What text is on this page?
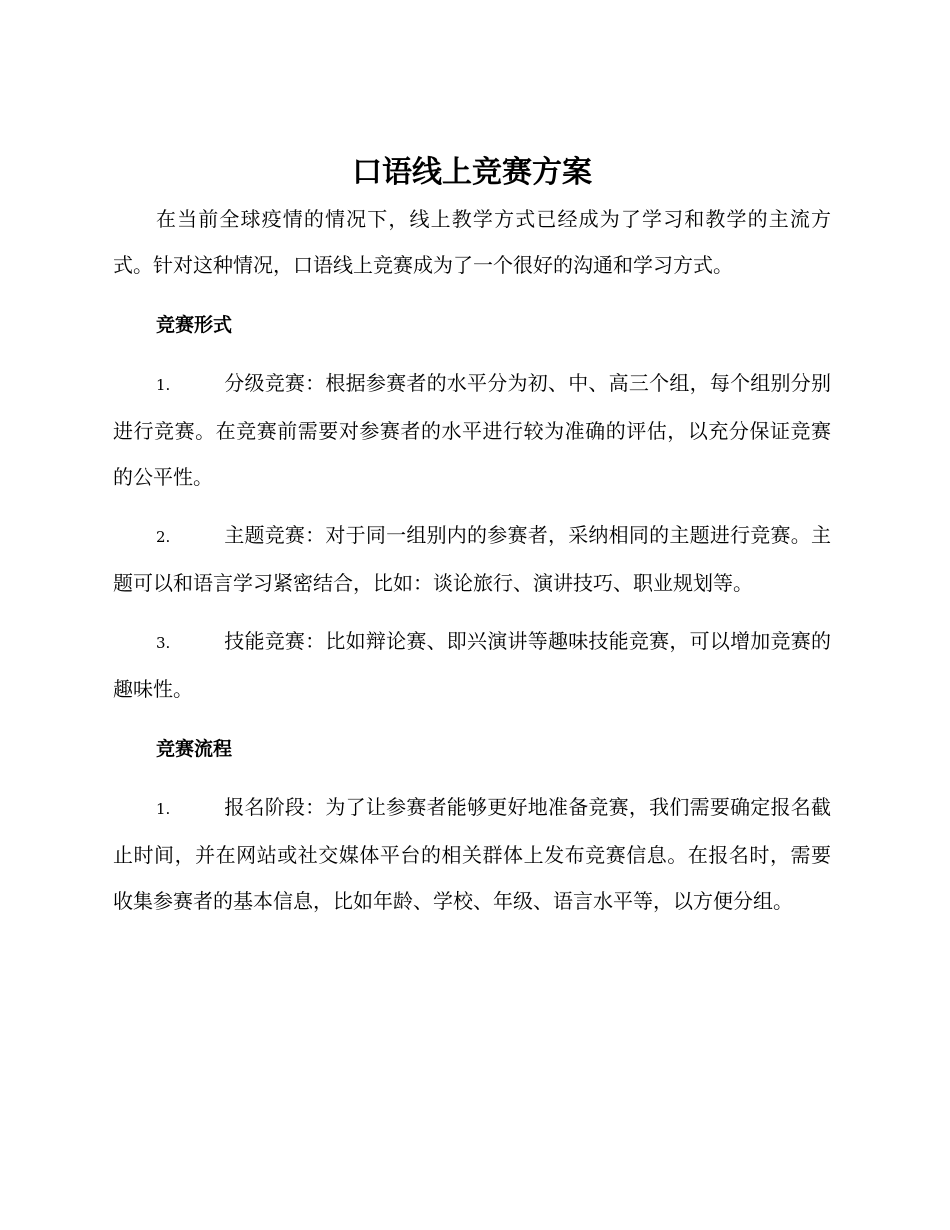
口语线上竞赛方案

在当前全球疫情的情况下，线上教学方式已经成为了学习和教学的主流方式。针对这种情况，口语线上竞赛成为了一个很好的沟通和学习方式。

竞赛形式

1.	分级竞赛：根据参赛者的水平分为初、中、高三个组，每个组别分别进行竞赛。在竞赛前需要对参赛者的水平进行较为准确的评估，以充分保证竞赛的公平性。

2.	主题竞赛：对于同一组别内的参赛者，采纳相同的主题进行竞赛。主题可以和语言学习紧密结合，比如：谈论旅行、演讲技巧、职业规划等。

3.	技能竞赛：比如辩论赛、即兴演讲等趣味技能竞赛，可以增加竞赛的趣味性。

竞赛流程

1.	报名阶段：为了让参赛者能够更好地准备竞赛，我们需要确定报名截止时间，并在网站或社交媒体平台的相关群体上发布竞赛信息。在报名时，需要收集参赛者的基本信息，比如年龄、学校、年级、语言水平等，以方便分组。
